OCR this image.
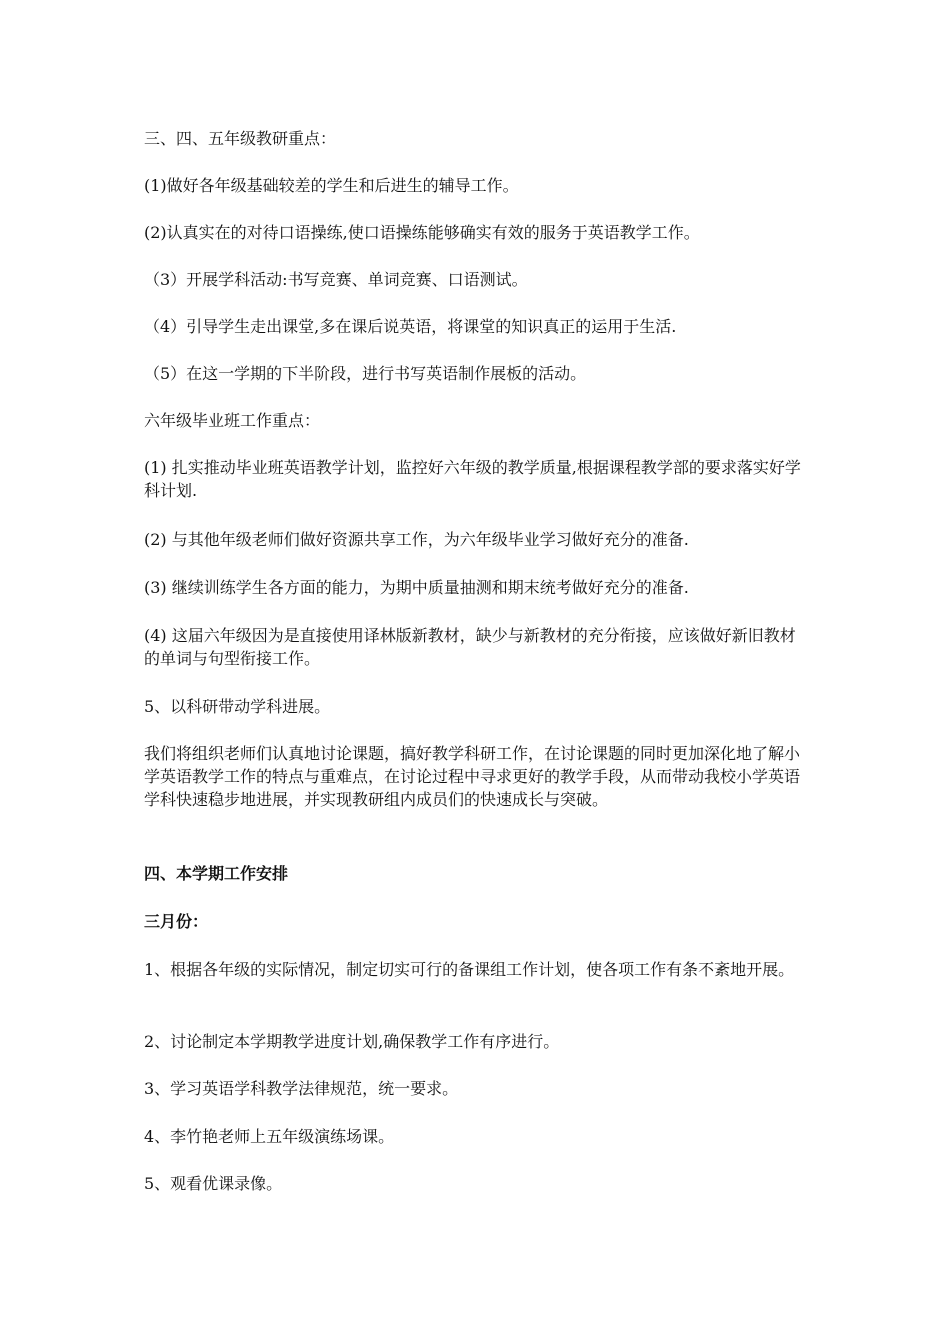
三、四、五年级教研重点：

(1)做好各年级基础较差的学生和后进生的辅导工作。

(2)认真实在的对待口语操练,使口语操练能够确实有效的服务于英语教学工作。

（3）开展学科活动:书写竞赛、单词竞赛、口语测试。

（4）引导学生走出课堂,多在课后说英语，将课堂的知识真正的运用于生活.

（5）在这一学期的下半阶段，进行书写英语制作展板的活动。

六年级毕业班工作重点：

(1) 扎实推动毕业班英语教学计划，监控好六年级的教学质量,根据课程教学部的要求落实好学科计划.

(2) 与其他年级老师们做好资源共享工作，为六年级毕业学习做好充分的准备.

(3) 继续训练学生各方面的能力，为期中质量抽测和期末统考做好充分的准备.

(4) 这届六年级因为是直接使用译林版新教材，缺少与新教材的充分衔接，应该做好新旧教材的单词与句型衔接工作。

5、以科研带动学科进展。

我们将组织老师们认真地讨论课题，搞好教学科研工作，在讨论课题的同时更加深化地了解小学英语教学工作的特点与重难点，在讨论过程中寻求更好的教学手段，从而带动我校小学英语学科快速稳步地进展，并实现教研组内成员们的快速成长与突破。

四、本学期工作安排

三月份：

1、根据各年级的实际情况，制定切实可行的备课组工作计划，使各项工作有条不紊地开展。

2、讨论制定本学期教学进度计划,确保教学工作有序进行。

3、学习英语学科教学法律规范，统一要求。

4、李竹艳老师上五年级演练场课。

5、观看优课录像。
